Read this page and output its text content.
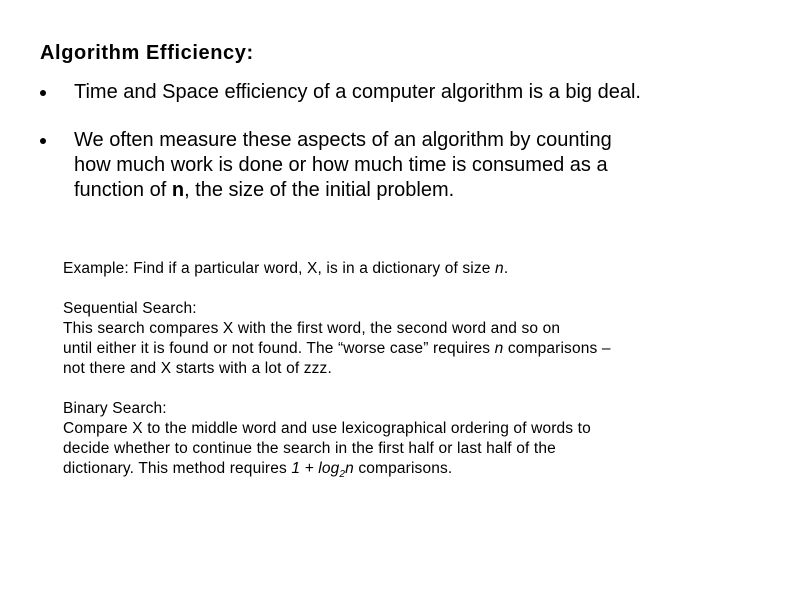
Algorithm Efficiency:
Time and Space efficiency of a computer algorithm is a big deal.
We often measure these aspects of an algorithm by counting
how much work is done or how much time is consumed as a
function of n, the size of the initial problem.

Example: Find if a particular word, X, is in a dictionary of size n.

Sequential Search:
This search compares X with the first word, the second word and so on
until either it is found or not found. The “worse case” requires n comparisons –
not there and X starts with a lot of zzz.

Binary Search:
Compare X to the middle word and use lexicographical ordering of words to
decide whether to continue the search in the first half or last half of the
dictionary. This method requires $1 + \log_2n$ comparisons.
